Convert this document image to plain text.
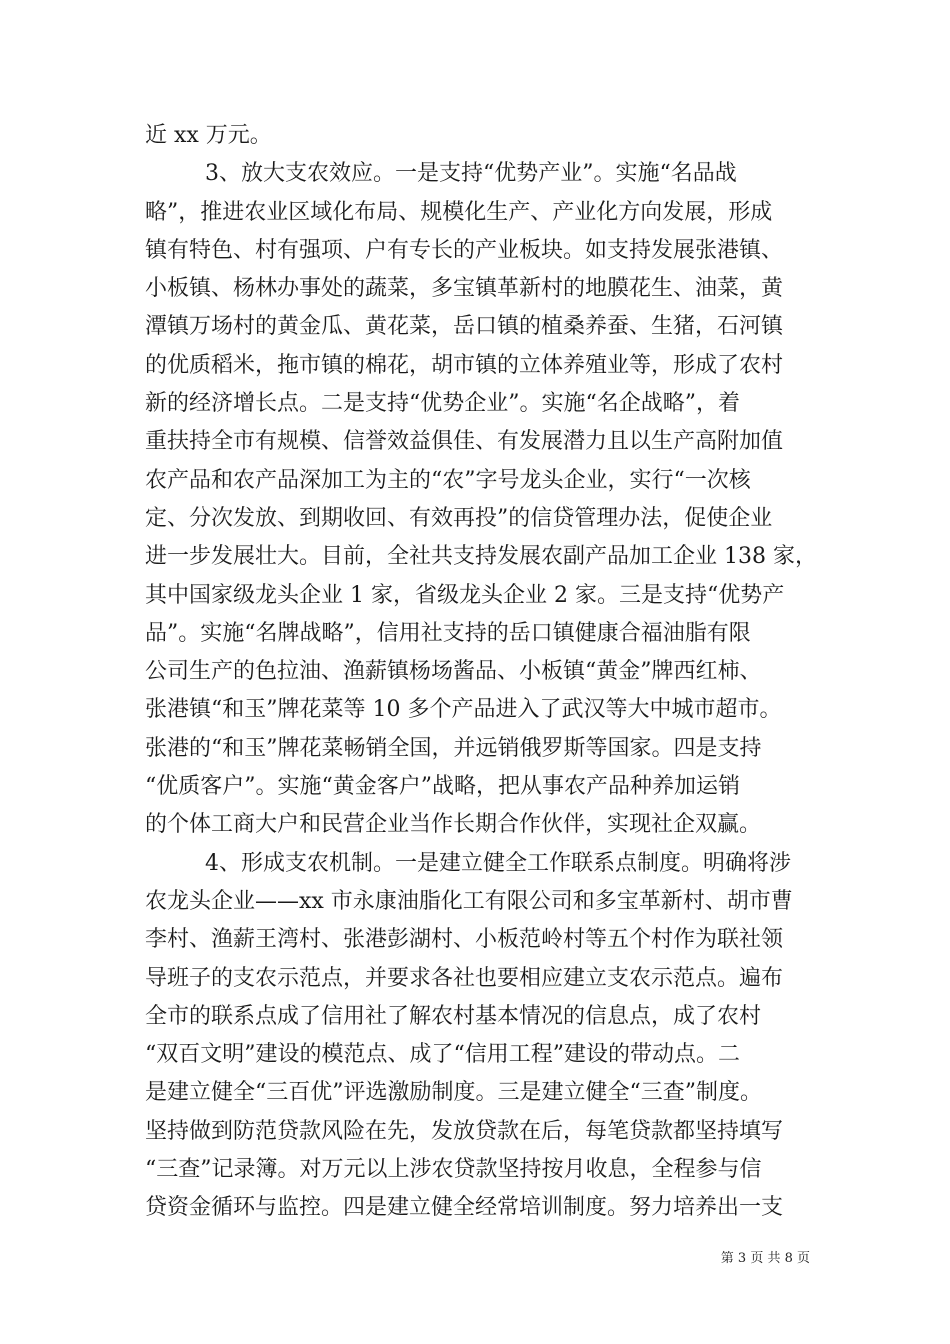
近 xx 万元。
3、放大支农效应。一是支持“优势产业”。实施“名品战
略”，推进农业区域化布局、规模化生产、产业化方向发展，形成
镇有特色、村有强项、户有专长的产业板块。如支持发展张港镇、
小板镇、杨林办事处的蔬菜，多宝镇革新村的地膜花生、油菜，黄
潭镇万场村的黄金瓜、黄花菜，岳口镇的植桑养蚕、生猪，石河镇
的优质稻米，拖市镇的棉花，胡市镇的立体养殖业等，形成了农村
新的经济增长点。二是支持“优势企业”。实施“名企战略”，着
重扶持全市有规模、信誉效益俱佳、有发展潜力且以生产高附加值
农产品和农产品深加工为主的“农”字号龙头企业，实行“一次核
定、分次发放、到期收回、有效再投”的信贷管理办法，促使企业
进一步发展壮大。目前，全社共支持发展农副产品加工企业 138 家，
其中国家级龙头企业 1 家，省级龙头企业 2 家。三是支持“优势产
品”。实施“名牌战略”，信用社支持的岳口镇健康合福油脂有限
公司生产的色拉油、渔薪镇杨场酱品、小板镇“黄金”牌西红柿、
张港镇“和玉”牌花菜等 10 多个产品进入了武汉等大中城市超市。
张港的“和玉”牌花菜畅销全国，并远销俄罗斯等国家。四是支持
“优质客户”。实施“黄金客户”战略，把从事农产品种养加运销
的个体工商大户和民营企业当作长期合作伙伴，实现社企双赢。
4、形成支农机制。一是建立健全工作联系点制度。明确将涉
农龙头企业——xx 市永康油脂化工有限公司和多宝革新村、胡市曹
李村、渔薪王湾村、张港彭湖村、小板范岭村等五个村作为联社领
导班子的支农示范点，并要求各社也要相应建立支农示范点。遍布
全市的联系点成了信用社了解农村基本情况的信息点，成了农村
“双百文明”建设的模范点、成了“信用工程”建设的带动点。二
是建立健全“三百优”评选激励制度。三是建立健全“三查”制度。
坚持做到防范贷款风险在先，发放贷款在后，每笔贷款都坚持填写
“三查”记录簿。对万元以上涉农贷款坚持按月收息，全程参与信
贷资金循环与监控。四是建立健全经常培训制度。努力培养出一支
第 3 页 共 8 页
